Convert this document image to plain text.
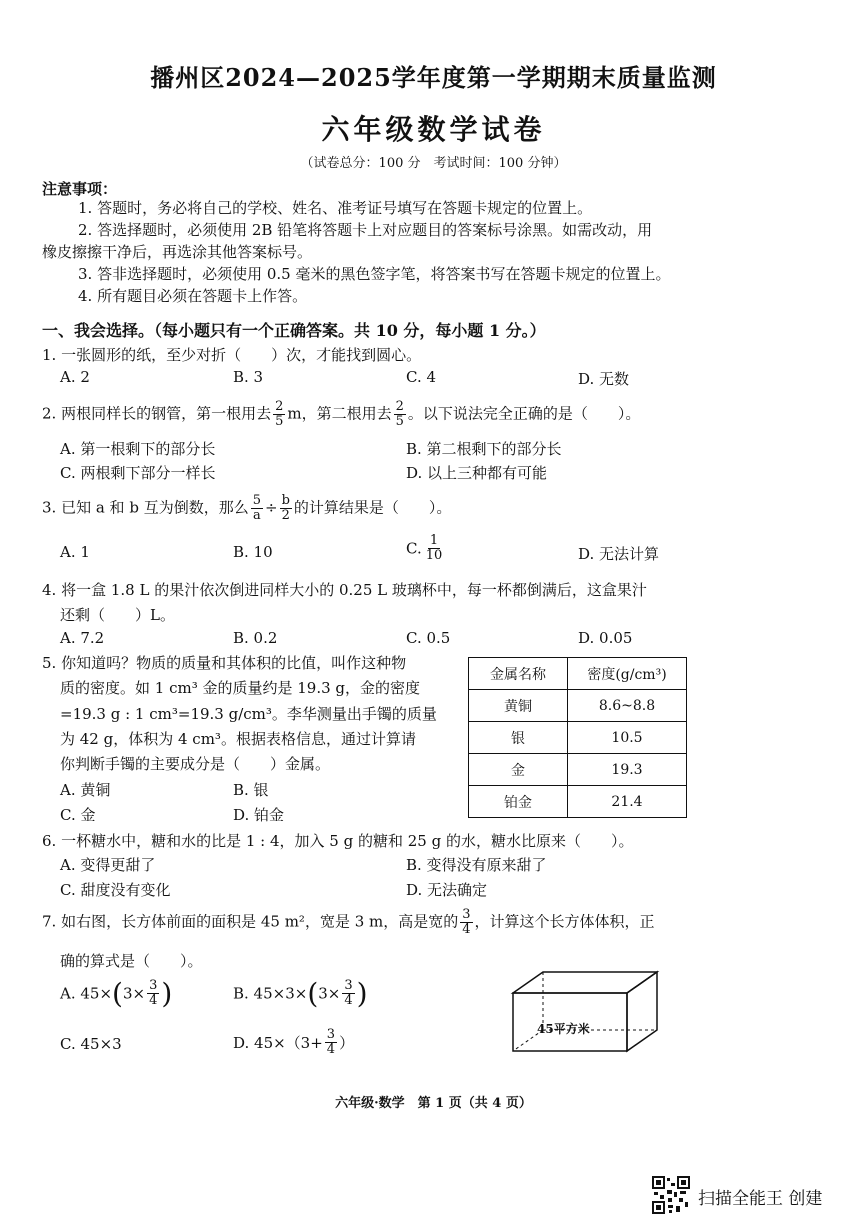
播州区2024—2025学年度第一学期期末质量监测
六年级数学试卷
（试卷总分：100 分　考试时间：100 分钟）
注意事项：
1. 答题时，务必将自己的学校、姓名、准考证号填写在答题卡规定的位置上。
2. 答选择题时，必须使用 2B 铅笔将答题卡上对应题目的答案标号涂黑。如需改动，用
橡皮擦擦干净后，再选涂其他答案标号。
3. 答非选择题时，必须使用 0.5 毫米的黑色签字笔，将答案书写在答题卡规定的位置上。
4. 所有题目必须在答题卡上作答。
一、我会选择。（每小题只有一个正确答案。共 10 分，每小题 1 分。）
1. 一张圆形的纸，至少对折（　　）次，才能找到圆心。
A. 2	B. 3	C. 4	D. 无数
2. 两根同样长的钢管，第一根用去 $\frac{2}{5}$ m，第二根用去 $\frac{2}{5}$ 。以下说法完全正确的是（　　）。
A. 第一根剩下的部分长	B. 第二根剩下的部分长
C. 两根剩下部分一样长	D. 以上三种都有可能
3. 已知 a 和 b 互为倒数，那么 $\frac{5}{a} \div \frac{b}{2}$ 的计算结果是（　　）。
A. 1	B. 10	C. $\frac{1}{10}$	D. 无法计算
4. 将一盒 1.8 L 的果汁依次倒进同样大小的 0.25 L 玻璃杯中，每一杯都倒满后，这盒果汁
还剩（　　）L。
A. 7.2	B. 0.2	C. 0.5	D. 0.05
5. 你知道吗？物质的质量和其体积的比值，叫作这种物
质的密度。如 1 cm³ 金的质量约是 19.3 g，金的密度
=19.3 g : 1 cm³=19.3 g/cm³。李华测量出手镯的质量
为 42 g，体积为 4 cm³。根据表格信息，通过计算请
你判断手镯的主要成分是（　　）金属。
A. 黄铜	B. 银
C. 金	D. 铂金
金属名称	密度(g/cm³)
黄铜	8.6~8.8
银	10.5
金	19.3
铂金	21.4
6. 一杯糖水中，糖和水的比是 1 : 4，加入 5 g 的糖和 25 g 的水，糖水比原来（　　）。
A. 变得更甜了	B. 变得没有原来甜了
C. 甜度没有变化	D. 无法确定
7. 如右图，长方体前面的面积是 45 m²，宽是 3 m，高是宽的 $\frac{3}{4}$ ，计算这个长方体体积，正
确的算式是（　　）。
A. $45\times(3\times \frac{3}{4}$ )	B. $45\times 3\times(3\times \frac{3}{4}$ )
C. 45×3	D. $45\times(3+ \frac{3}{4}$ ）
45平方米
六年级·数学　第 1 页（共 4 页）
扫描全能王 创建
